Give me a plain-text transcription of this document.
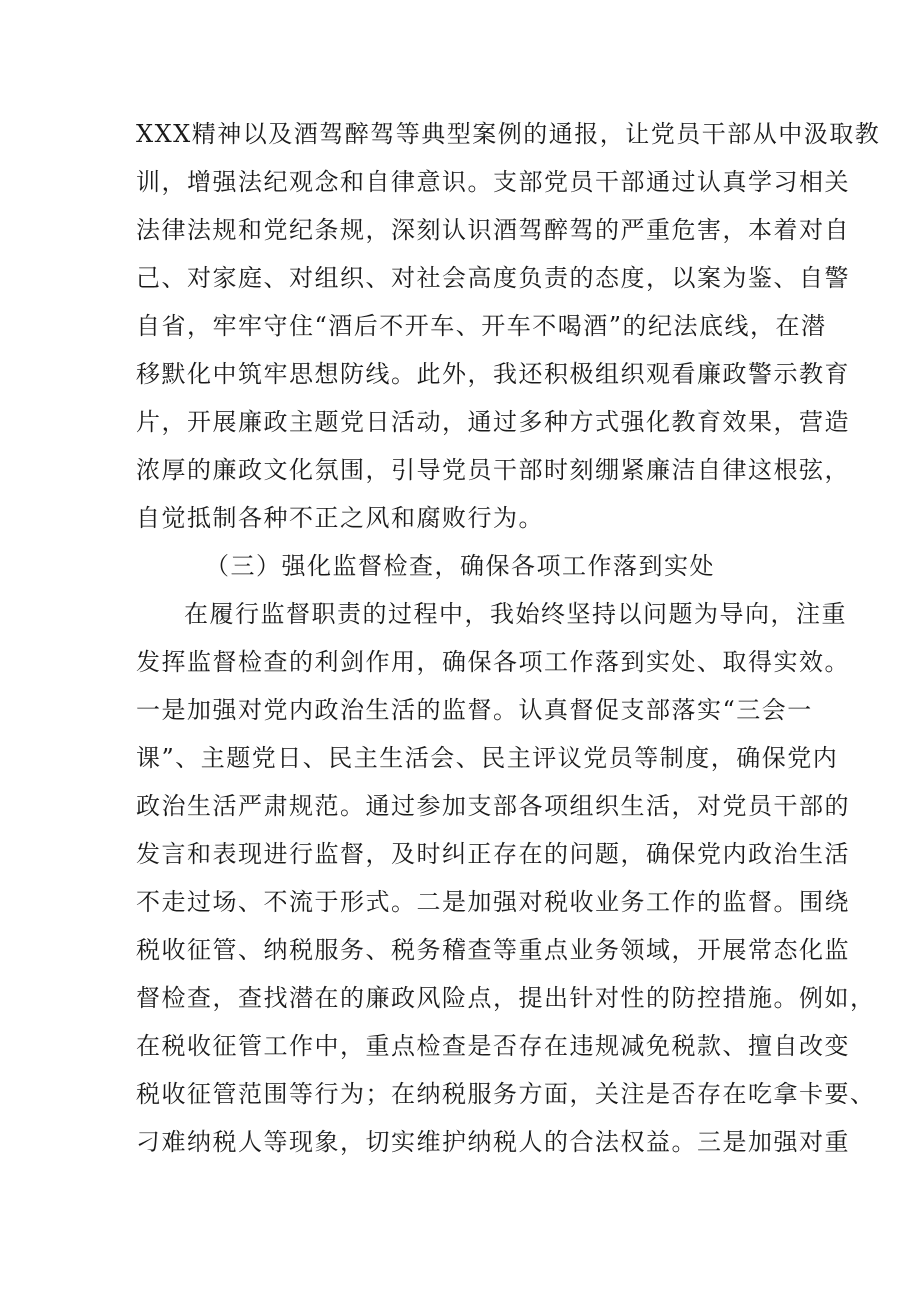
XXX精神以及酒驾醉驾等典型案例的通报，让党员干部从中汲取教
训，增强法纪观念和自律意识。支部党员干部通过认真学习相关
法律法规和党纪条规，深刻认识酒驾醉驾的严重危害，本着对自
己、对家庭、对组织、对社会高度负责的态度，以案为鉴、自警
自省，牢牢守住“酒后不开车、开车不喝酒”的纪法底线，在潜
移默化中筑牢思想防线。此外，我还积极组织观看廉政警示教育
片，开展廉政主题党日活动，通过多种方式强化教育效果，营造
浓厚的廉政文化氛围，引导党员干部时刻绷紧廉洁自律这根弦，
自觉抵制各种不正之风和腐败行为。
（三）强化监督检查，确保各项工作落到实处
在履行监督职责的过程中，我始终坚持以问题为导向，注重
发挥监督检查的利剑作用，确保各项工作落到实处、取得实效。
一是加强对党内政治生活的监督。认真督促支部落实“三会一
课”、主题党日、民主生活会、民主评议党员等制度，确保党内
政治生活严肃规范。通过参加支部各项组织生活，对党员干部的
发言和表现进行监督，及时纠正存在的问题，确保党内政治生活
不走过场、不流于形式。二是加强对税收业务工作的监督。围绕
税收征管、纳税服务、税务稽查等重点业务领域，开展常态化监
督检查，查找潜在的廉政风险点，提出针对性的防控措施。例如，
在税收征管工作中，重点检查是否存在违规减免税款、擅自改变
税收征管范围等行为；在纳税服务方面，关注是否存在吃拿卡要、
刁难纳税人等现象，切实维护纳税人的合法权益。三是加强对重
